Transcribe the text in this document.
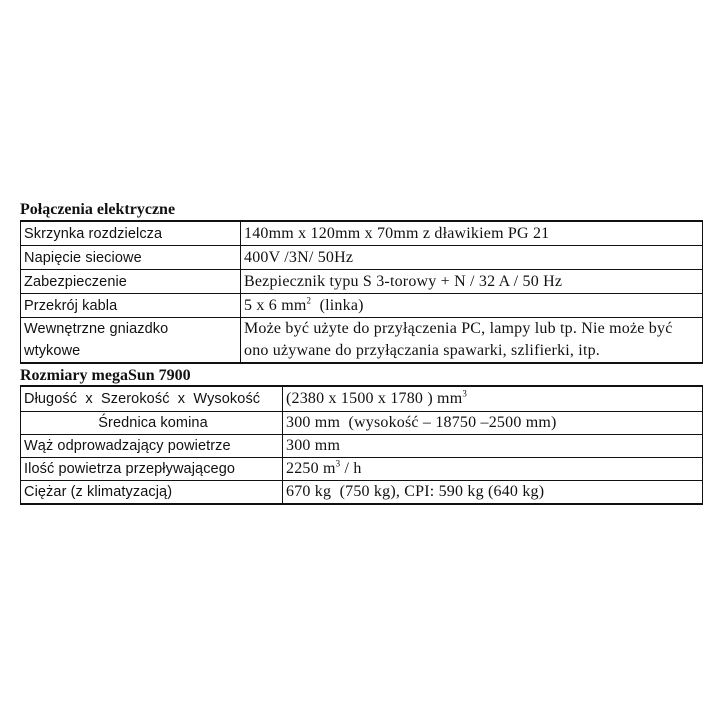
Połączenia elektryczne
Skrzynka rozdzielcza	140mm x 120mm x 70mm z dławikiem PG 21
Napięcie sieciowe	400V /3N/ 50Hz
Zabezpieczenie	Bezpiecznik typu S 3-torowy + N / 32 A / 50 Hz
Przekrój kabla	5 x 6 $mm^2$  (linka)
Wewnętrzne gniazdko wtykowe	Może być użyte do przyłączenia PC, lampy lub tp. Nie może być ono używane do przyłączania spawarki, szlifierki, itp.
Rozmiary megaSun 7900
Długość  x  Szerokość  x  Wysokość	(2380 x 1500 x 1780 ) $mm^3$
Średnica komina	300 mm  (wysokość – 18750 –2500 mm)
Wąż odprowadzający powietrze	300 mm
Ilość powietrza przepływającego	2250 $m^3$ / h
Ciężar (z klimatyzacją)	670 kg  (750 kg), CPI: 590 kg (640 kg)
